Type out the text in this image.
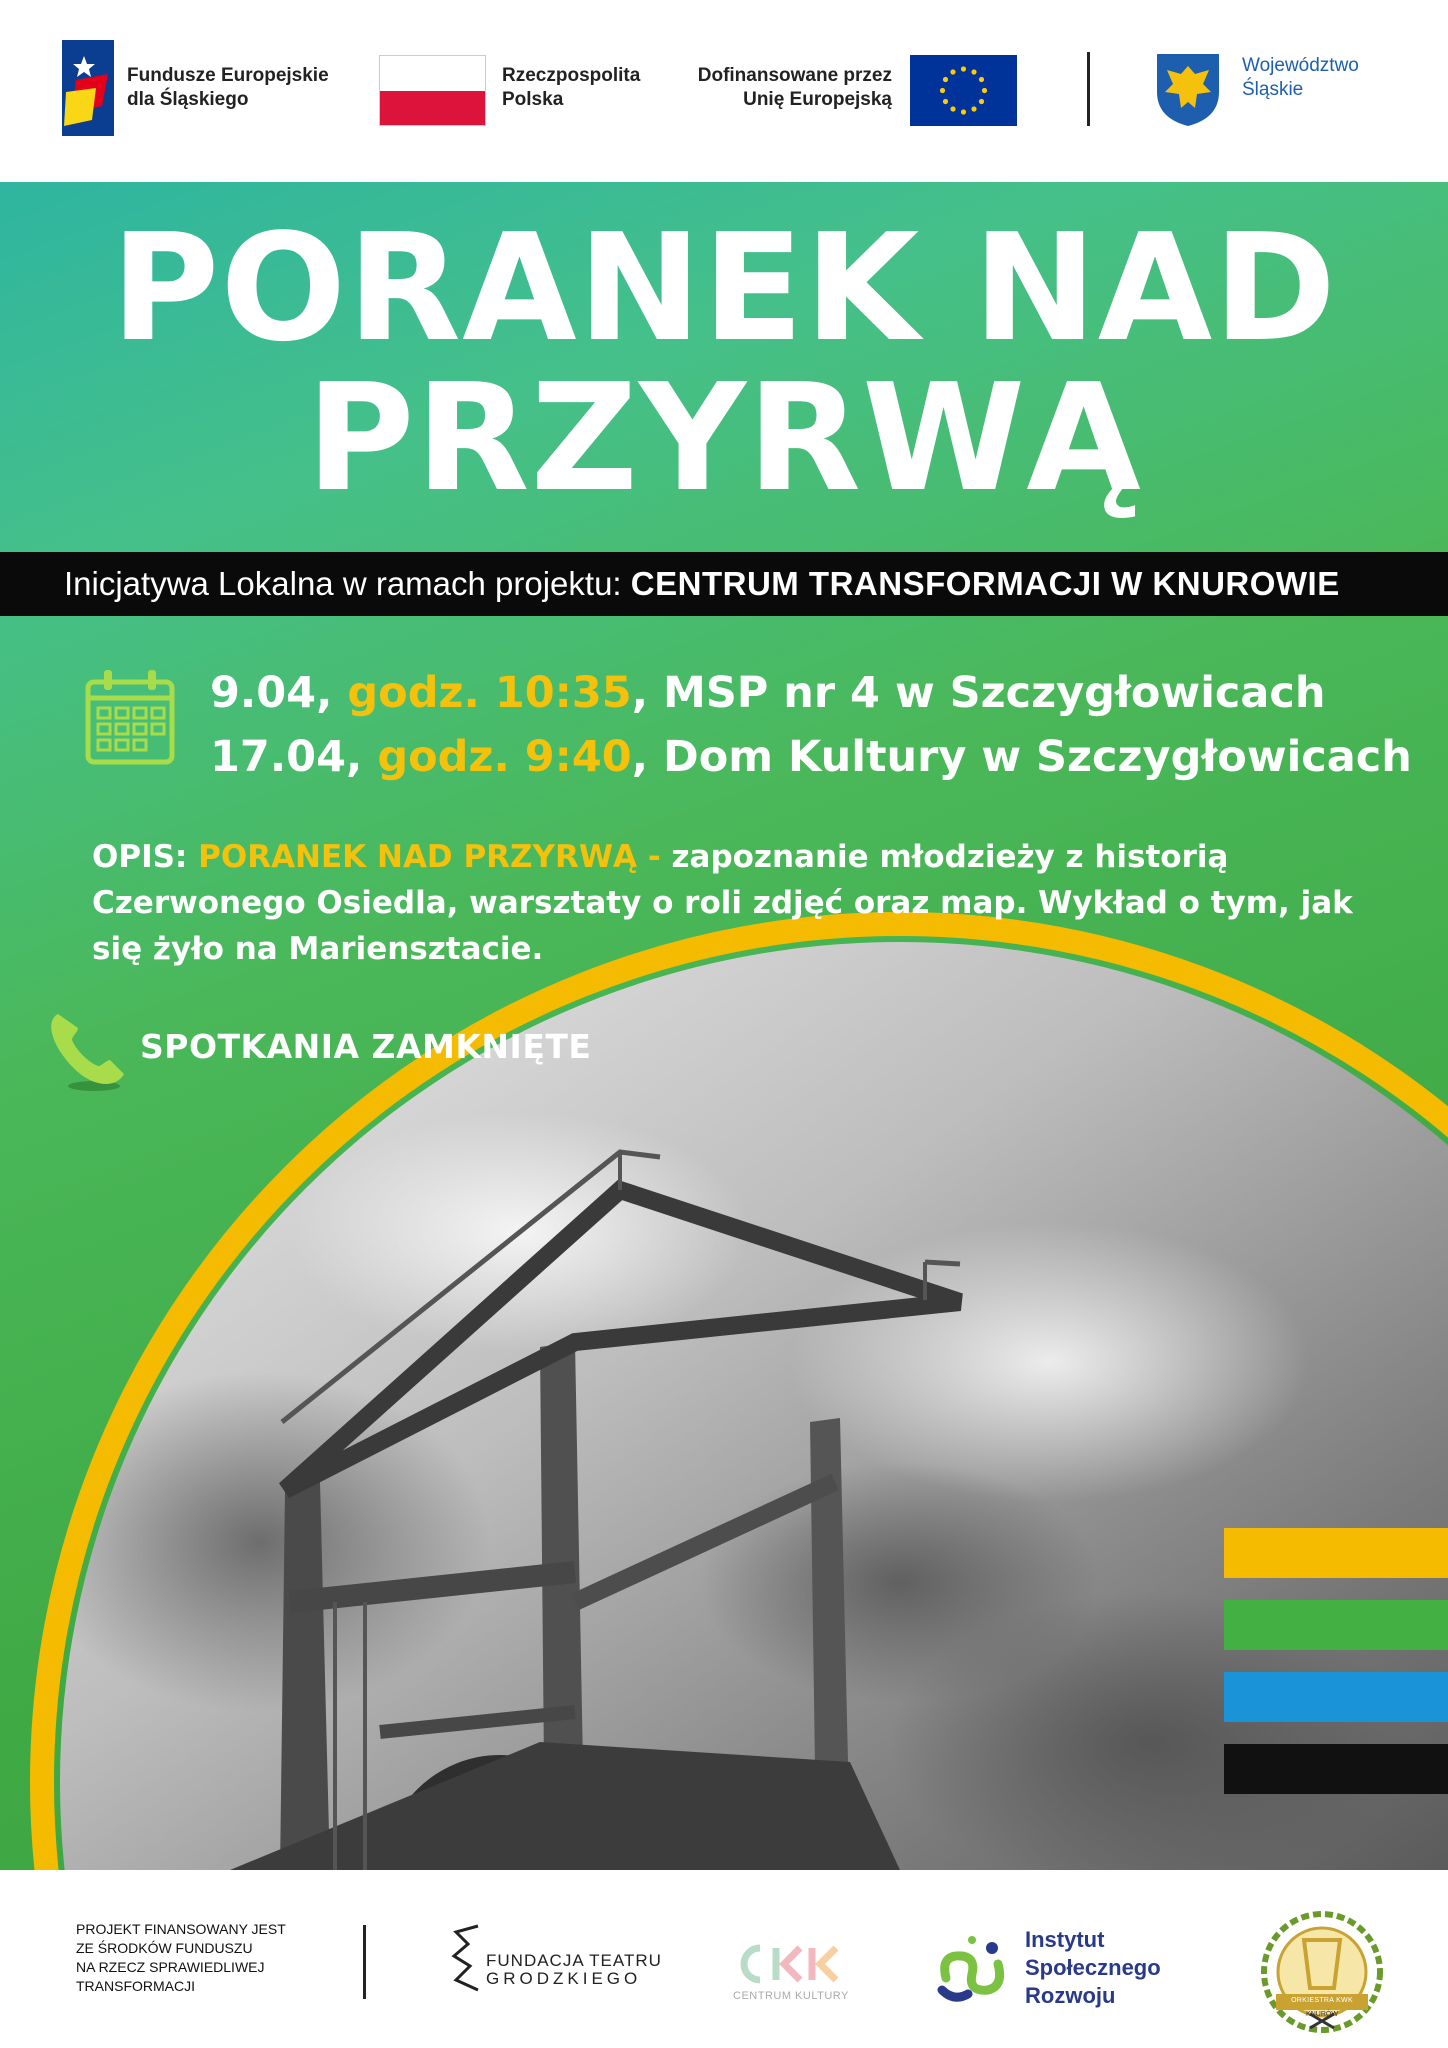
Fundusze Europejskie
dla Śląskiego
Rzeczpospolita
Polska
Dofinansowane przez
Unię Europejską
Województwo
Śląskie
PORANEK NAD
PRZYRWĄ
Inicjatywa Lokalna w ramach projektu: CENTRUM TRANSFORMACJI W KNUROWIE
9.04, godz. 10:35, MSP nr 4 w Szczygłowicach
17.04, godz. 9:40, Dom Kultury w Szczygłowicach
OPIS: PORANEK NAD PRZYRWĄ - zapoznanie młodzieży z historią Czerwonego Osiedla, warsztaty o roli zdjęć oraz map. Wykład o tym, jak się żyło na Mariensztacie.
SPOTKANIA ZAMKNIĘTE
PROJEKT FINANSOWANY JEST
ZE ŚRODKÓW FUNDUSZU
NA RZECZ SPRAWIEDLIWEJ
TRANSFORMACJI
FUNDACJA TEATRU
GRODZKIEGO
CENTRUM KULTURY
Instytut
Społecznego
Rozwoju	ORKIESTRA KWK
KNURÓW
